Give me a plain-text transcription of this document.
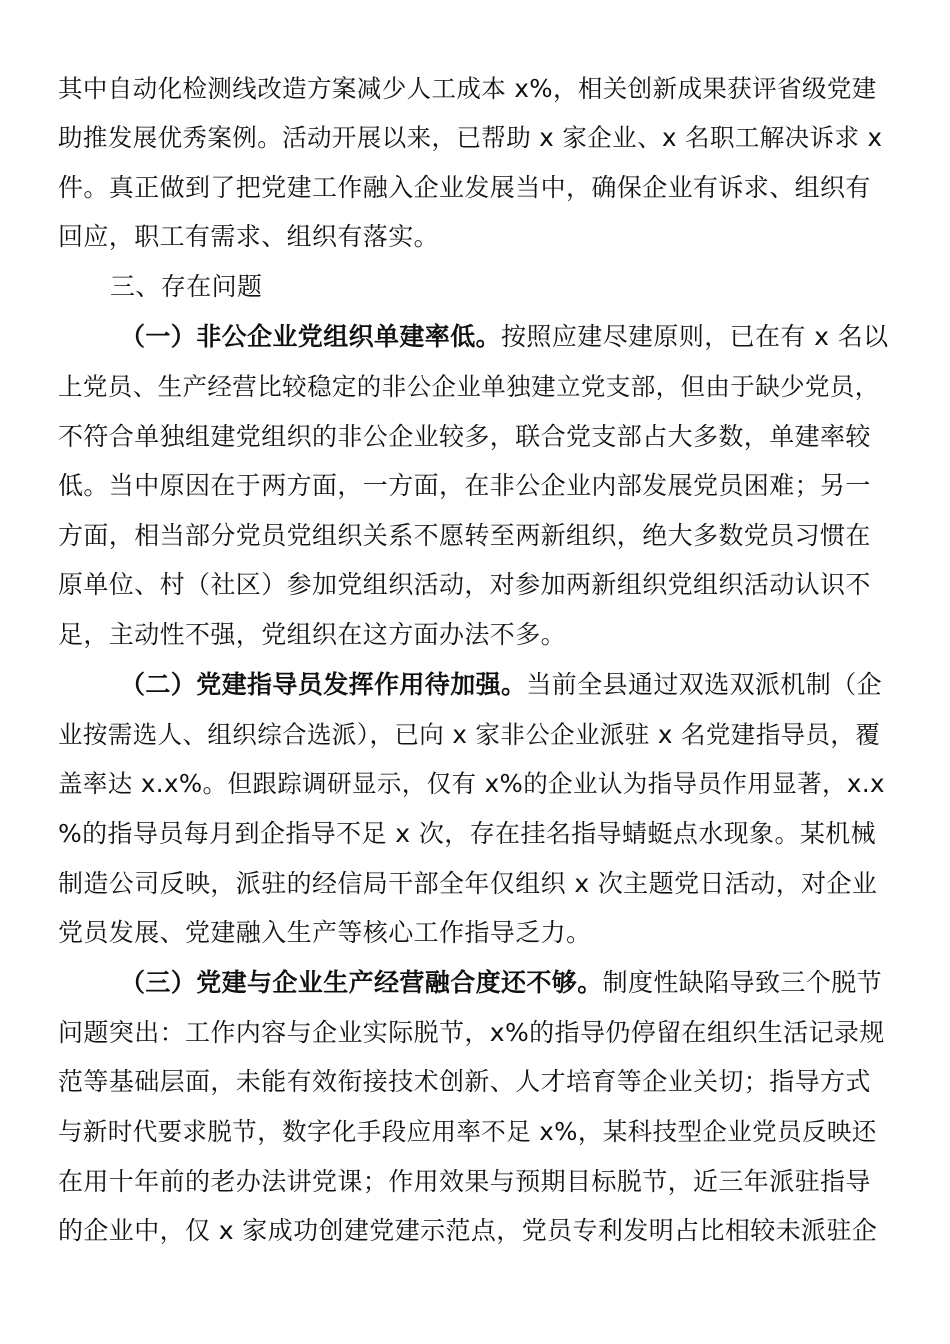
其中自动化检测线改造方案减少人工成本 x%，相关创新成果获评省级党建
助推发展优秀案例。活动开展以来，已帮助 x 家企业、x 名职工解决诉求 x
件。真正做到了把党建工作融入企业发展当中，确保企业有诉求、组织有
回应，职工有需求、组织有落实。
三、存在问题
（一）非公企业党组织单建率低。按照应建尽建原则，已在有 x 名以
上党员、生产经营比较稳定的非公企业单独建立党支部，但由于缺少党员，
不符合单独组建党组织的非公企业较多，联合党支部占大多数，单建率较
低。当中原因在于两方面，一方面，在非公企业内部发展党员困难；另一
方面，相当部分党员党组织关系不愿转至两新组织，绝大多数党员习惯在
原单位、村（社区）参加党组织活动，对参加两新组织党组织活动认识不
足，主动性不强，党组织在这方面办法不多。
（二）党建指导员发挥作用待加强。当前全县通过双选双派机制（企
业按需选人、组织综合选派），已向 x 家非公企业派驻 x 名党建指导员，覆
盖率达 x.x%。但跟踪调研显示，仅有 x%的企业认为指导员作用显著，x.x
%的指导员每月到企指导不足 x 次，存在挂名指导蜻蜓点水现象。某机械
制造公司反映，派驻的经信局干部全年仅组织 x 次主题党日活动，对企业
党员发展、党建融入生产等核心工作指导乏力。
（三）党建与企业生产经营融合度还不够。制度性缺陷导致三个脱节
问题突出：工作内容与企业实际脱节，x%的指导仍停留在组织生活记录规
范等基础层面，未能有效衔接技术创新、人才培育等企业关切；指导方式
与新时代要求脱节，数字化手段应用率不足 x%，某科技型企业党员反映还
在用十年前的老办法讲党课；作用效果与预期目标脱节，近三年派驻指导
的企业中，仅 x 家成功创建党建示范点，党员专利发明占比相较未派驻企
